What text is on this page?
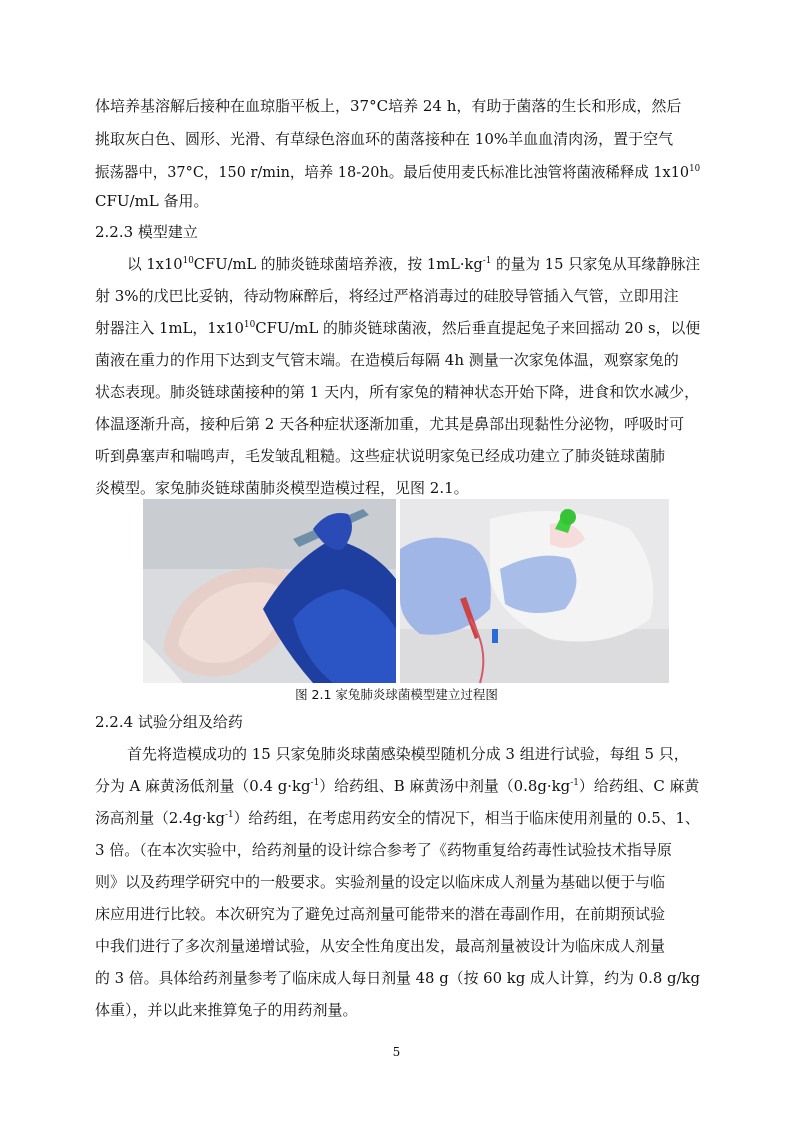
体培养基溶解后接种在血琼脂平板上，37°C培养 24 h，有助于菌落的生长和形成，然后
挑取灰白色、圆形、光滑、有草绿色溶血环的菌落接种在 10%羊血血清肉汤，置于空气
振荡器中，37°C，150 r/min，培养 18-20h。最后使用麦氏标准比浊管将菌液稀释成 $1x10^{10}$
CFU/mL 备用。
2.2.3 模型建立
以 $1x10^{10}CFU/mL$ 的肺炎链球菌培养液，按 $1mL\cdot kg^{-1}$ 的量为 15 只家兔从耳缘静脉注
射 3%的戊巴比妥钠，待动物麻醉后，将经过严格消毒过的硅胶导管插入气管，立即用注
射器注入 1mL，$1x10^{10}CFU/mL$ 的肺炎链球菌液，然后垂直提起兔子来回摇动 20 s，以便
菌液在重力的作用下达到支气管末端。在造模后每隔 4h 测量一次家兔体温，观察家兔的
状态表现。肺炎链球菌接种的第 1 天内，所有家兔的精神状态开始下降，进食和饮水减少，
体温逐渐升高，接种后第 2 天各种症状逐渐加重，尤其是鼻部出现黏性分泌物，呼吸时可
听到鼻塞声和喘鸣声，毛发皱乱粗糙。这些症状说明家兔已经成功建立了肺炎链球菌肺
炎模型。家兔肺炎链球菌肺炎模型造模过程，见图 2.1。
图 2.1 家兔肺炎球菌模型建立过程图
2.2.4 试验分组及给药
首先将造模成功的 15 只家兔肺炎球菌感染模型随机分成 3 组进行试验，每组 5 只，
分为 A 麻黄汤低剂量（0.4 $g\cdot kg^{-1}$）给药组、B 麻黄汤中剂量$(0.8g\cdot kg^{-1})$给药组、C 麻黄
汤高剂量$(2.4g\cdot kg^{-1})$给药组，在考虑用药安全的情况下，相当于临床使用剂量的 0.5、1、
3 倍。（在本次实验中，给药剂量的设计综合参考了《药物重复给药毒性试验技术指导原
则》以及药理学研究中的一般要求。实验剂量的设定以临床成人剂量为基础以便于与临
床应用进行比较。本次研究为了避免过高剂量可能带来的潜在毒副作用，在前期预试验
中我们进行了多次剂量递增试验，从安全性角度出发，最高剂量被设计为临床成人剂量
的 3 倍。具体给药剂量参考了临床成人每日剂量 48 g（按 60 kg 成人计算，约为 0.8 g/kg
体重），并以此来推算兔子的用药剂量。
5
